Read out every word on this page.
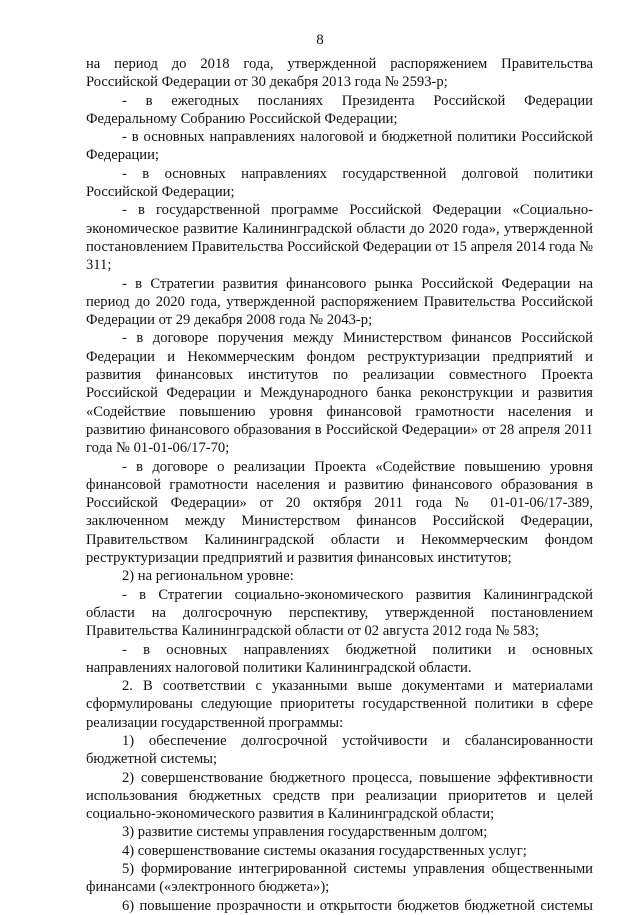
8

на период до 2018 года, утвержденной распоряжением Правительства Российской Федерации от 30 декабря 2013 года № 2593-р;

- в ежегодных посланиях Президента Российской Федерации Федеральному Собранию Российской Федерации;

- в основных направлениях налоговой и бюджетной политики Российской Федерации;

- в основных направлениях государственной долговой политики Российской Федерации;

- в государственной программе Российской Федерации «Социально-экономическое развитие Калининградской области до 2020 года», утвержденной постановлением Правительства Российской Федерации от 15 апреля 2014 года № 311;

- в Стратегии развития финансового рынка Российской Федерации на период до 2020 года, утвержденной распоряжением Правительства Российской Федерации от 29 декабря 2008 года № 2043-р;

- в договоре поручения между Министерством финансов Российской Федерации и Некоммерческим фондом реструктуризации предприятий и развития финансовых институтов по реализации совместного Проекта Российской Федерации и Международного банка реконструкции и развития «Содействие повышению уровня финансовой грамотности населения и развитию финансового образования в Российской Федерации» от 28 апреля 2011 года № 01-01-06/17-70;

- в договоре о реализации Проекта «Содействие повышению уровня финансовой грамотности населения и развитию финансового образования в Российской Федерации» от 20 октября 2011 года № 01-01-06/17-389, заключенном между Министерством финансов Российской Федерации, Правительством Калининградской области и Некоммерческим фондом реструктуризации предприятий и развития финансовых институтов;

2) на региональном уровне:

- в Стратегии социально-экономического развития Калининградской области на долгосрочную перспективу, утвержденной постановлением Правительства Калининградской области от 02 августа 2012 года № 583;

- в основных направлениях бюджетной политики и основных направлениях налоговой политики Калининградской области.

2. В соответствии с указанными выше документами и материалами сформулированы следующие приоритеты государственной политики в сфере реализации государственной программы:

1) обеспечение долгосрочной устойчивости и сбалансированности бюджетной системы;

2) совершенствование бюджетного процесса, повышение эффективности использования бюджетных средств при реализации приоритетов и целей социально-экономического развития в Калининградской области;

3) развитие системы управления государственным долгом;

4) совершенствование системы оказания государственных услуг;

5) формирование интегрированной системы управления общественными финансами («электронного бюджета»);

6) повышение прозрачности и открытости бюджетов бюджетной системы
